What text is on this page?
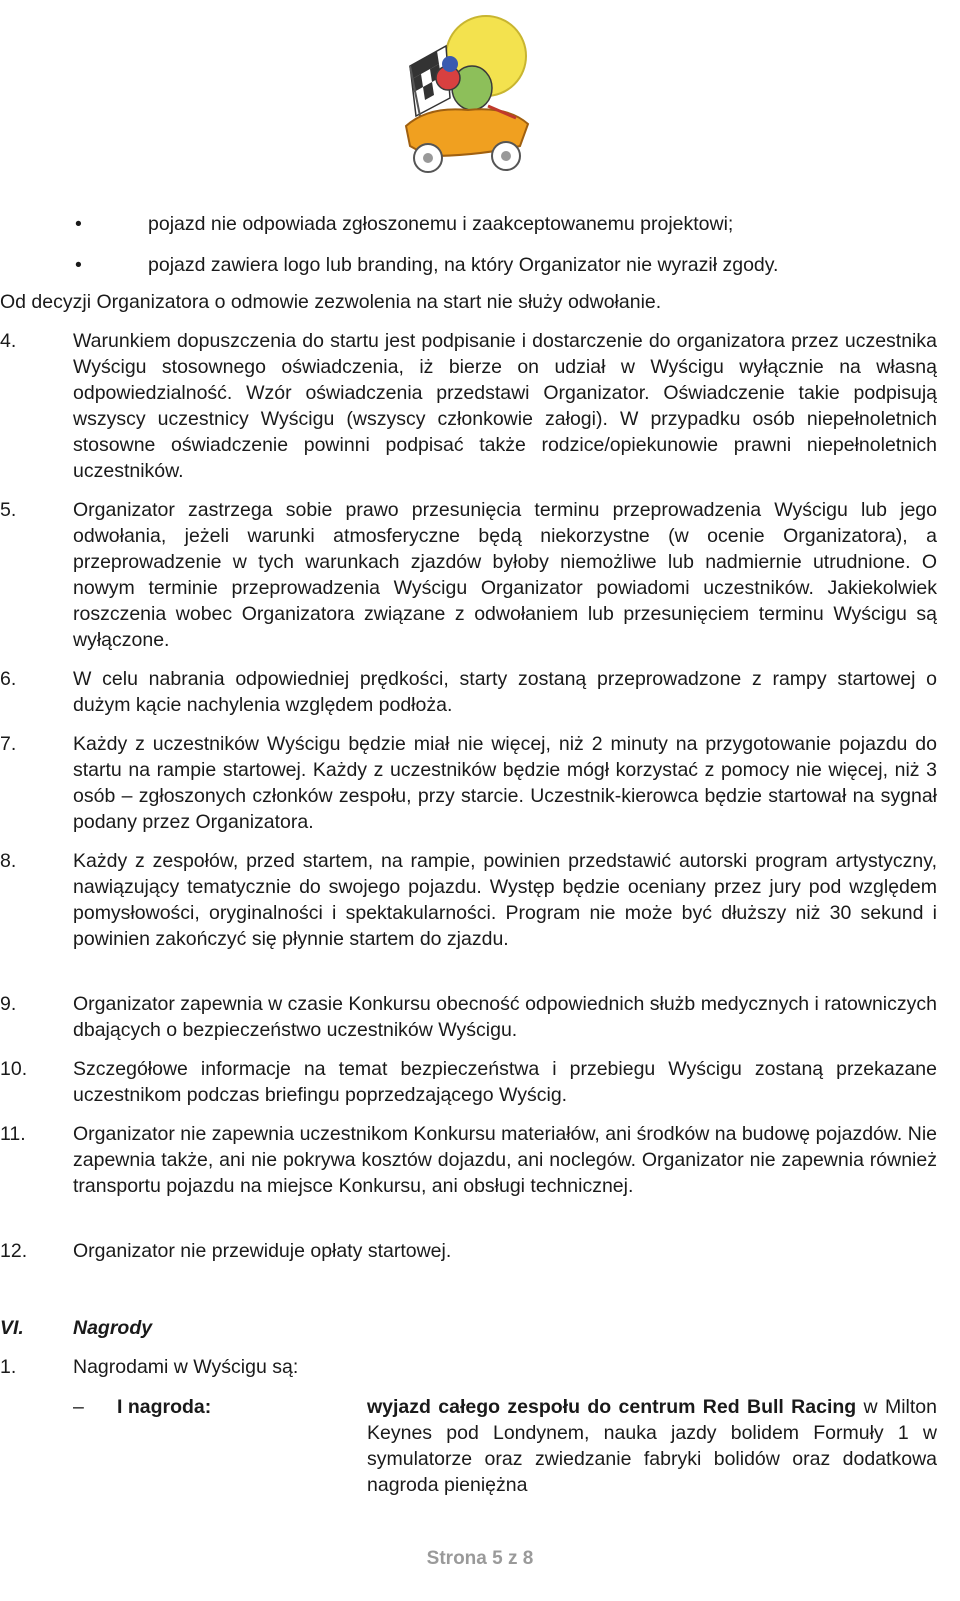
•	pojazd nie odpowiada zgłoszonemu i zaakceptowanemu projektowi;
•	pojazd zawiera logo lub branding, na który Organizator nie wyraził zgody.
Od decyzji Organizatora o odmowie zezwolenia na start nie służy odwołanie.
4.	Warunkiem dopuszczenia do startu jest podpisanie i dostarczenie do organizatora przez uczestnika Wyścigu stosownego oświadczenia, iż bierze on udział w Wyścigu wyłącznie na własną odpowiedzialność. Wzór oświadczenia przedstawi Organizator. Oświadczenie takie podpisują wszyscy uczestnicy Wyścigu (wszyscy członkowie załogi). W przypadku osób niepełnoletnich stosowne oświadczenie powinni podpisać także rodzice/opiekunowie prawni niepełnoletnich uczestników.

5.	Organizator zastrzega sobie prawo przesunięcia terminu przeprowadzenia Wyścigu lub jego odwołania, jeżeli warunki atmosferyczne będą niekorzystne (w ocenie Organizatora), a przeprowadzenie w tych warunkach zjazdów byłoby niemożliwe lub nadmiernie utrudnione. O nowym terminie przeprowadzenia Wyścigu Organizator powiadomi uczestników. Jakiekolwiek roszczenia wobec Organizatora związane z odwołaniem lub przesunięciem terminu Wyścigu są wyłączone.

6.	W celu nabrania odpowiedniej prędkości, starty zostaną przeprowadzone z rampy startowej o dużym kącie nachylenia względem podłoża.

7.	Każdy z uczestników Wyścigu będzie miał nie więcej, niż 2 minuty na przygotowanie pojazdu do startu na rampie startowej. Każdy z uczestników będzie mógł korzystać z pomocy nie więcej, niż 3 osób – zgłoszonych członków zespołu, przy starcie. Uczestnik-kierowca będzie startował na sygnał podany przez Organizatora.

8.	Każdy z zespołów, przed startem, na rampie, powinien przedstawić autorski program artystyczny, nawiązujący tematycznie do swojego pojazdu. Występ będzie oceniany przez jury pod względem pomysłowości, oryginalności i spektakularności. Program nie może być dłuższy niż 30 sekund i powinien zakończyć się płynnie startem do zjazdu.

9.	Organizator zapewnia w czasie Konkursu obecność odpowiednich służb medycznych i ratowniczych dbających o bezpieczeństwo uczestników Wyścigu.

10. Szczegółowe informacje na temat bezpieczeństwa i przebiegu Wyścigu zostaną przekazane uczestnikom podczas briefingu poprzedzającego Wyścig.

11. Organizator nie zapewnia uczestnikom Konkursu materiałów, ani środków na budowę pojazdów. Nie zapewnia także, ani nie pokrywa kosztów dojazdu, ani noclegów. Organizator nie zapewnia również transportu pojazdu na miejsce Konkursu, ani obsługi technicznej.

12. Organizator nie przewiduje opłaty startowej.

VI.	Nagrody
1.	Nagrodami w Wyścigu są:
– I nagroda:	wyjazd całego zespołu do centrum Red Bull Racing w Milton Keynes pod Londynem, nauka jazdy bolidem Formuły 1 w symulatorze oraz zwiedzanie fabryki bolidów oraz dodatkowa nagroda pieniężna
Strona 5 z 8
